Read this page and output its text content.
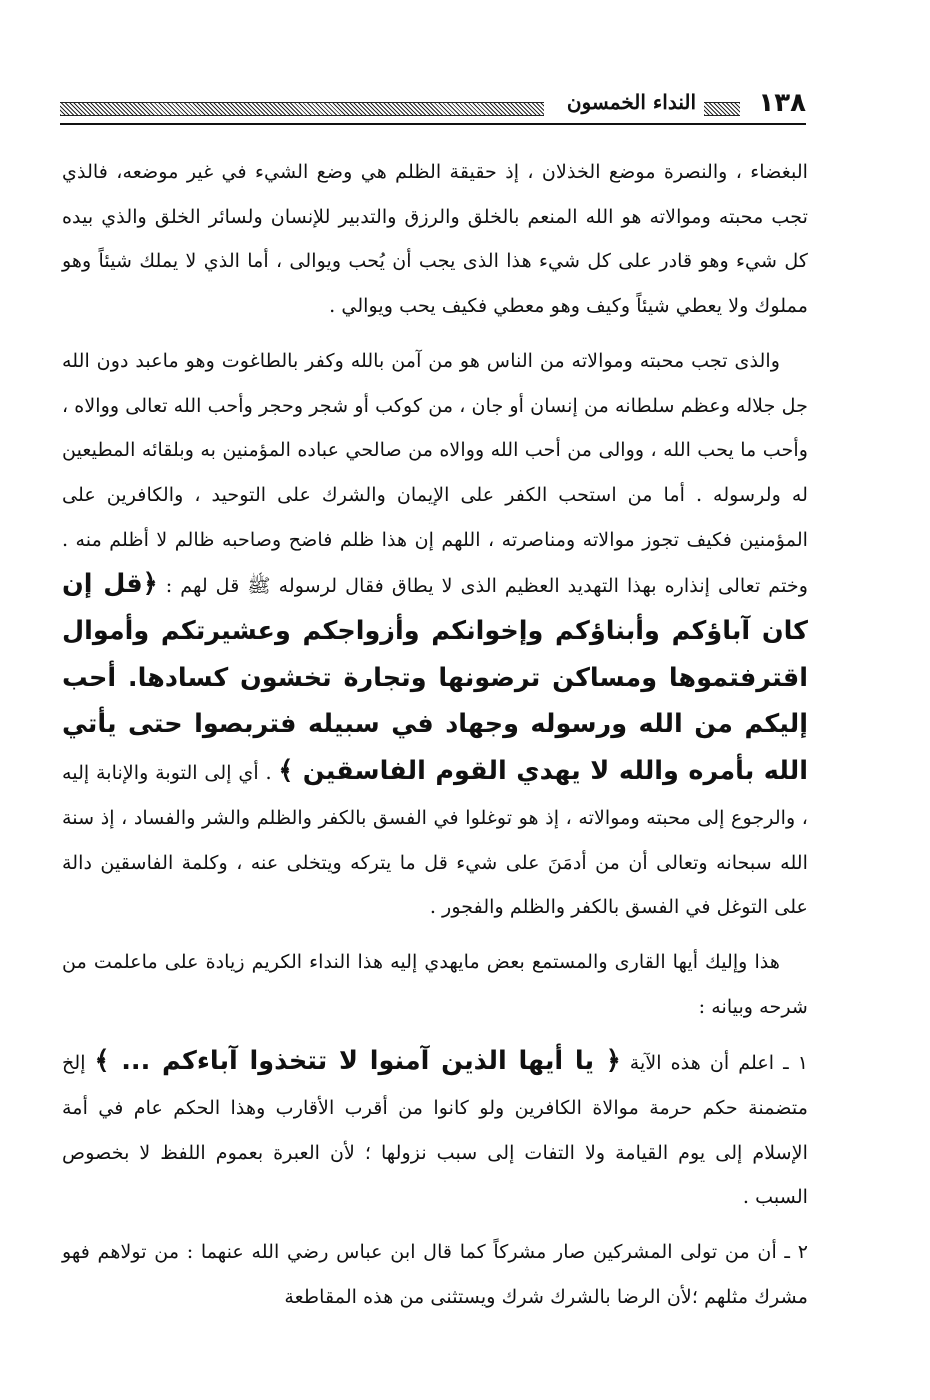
١٣٨
النداء الخمسون

البغضاء ، والنصرة موضع الخذلان ، إذ حقيقة الظلم هي وضع الشيء في غير موضعه، فالذي تجب محبته وموالاته هو الله المنعم بالخلق والرزق والتدبير للإنسان ولسائر الخلق والذي بيده كل شيء وهو قادر على كل شيء هذا الذى يجب أن يُحب ويوالى ، أما الذي لا يملك شيئاً وهو مملوك ولا يعطي شيئاً وكيف وهو معطي فكيف يحب ويوالي .

والذى تجب محبته وموالاته من الناس هو من آمن بالله وكفر بالطاغوت وهو ماعبد دون الله جل جلاله وعظم سلطانه من إنسان أو جان ، من كوكب أو شجر وحجر وأحب الله تعالى ووالاه ، وأحب ما يحب الله ، ووالى من أحب الله ووالاه من صالحي عباده المؤمنين به وبلقائه المطيعين له ولرسوله . أما من استحب الكفر على الإيمان والشرك على التوحيد ، والكافرين على المؤمنين فكيف تجوز موالاته ومناصرته ، اللهم إن هذا ظلم فاضح وصاحبه ظالم لا أظلم منه . وختم تعالى إنذاره بهذا التهديد العظيم الذى لا يطاق فقال لرسوله ﷺ قل لهم : ﴿قل إن كان آباؤكم وأبناؤكم وإخوانكم وأزواجكم وعشيرتكم وأموال اقترفتموها ومساكن ترضونها وتجارة تخشون كسادها. أحب إليكم من الله ورسوله وجهاد في سبيله فتربصوا حتى يأتي الله بأمره والله لا يهدي القوم الفاسقين ﴾ . أي إلى التوبة والإنابة إليه ، والرجوع إلى محبته وموالاته ، إذ هو توغلوا في الفسق بالكفر والظلم والشر والفساد ، إذ سنة الله سبحانه وتعالى أن من أدمَنَ على شيء قل ما يتركه ويتخلى عنه ، وكلمة الفاسقين دالة على التوغل في الفسق بالكفر والظلم والفجور .

هذا وإليك أيها القارى والمستمع بعض مايهدي إليه هذا النداء الكريم زيادة على ماعلمت من شرحه وبيانه :

١ ـ اعلم أن هذه الآية ﴿ يا أيها الذين آمنوا لا تتخذوا آباءكم ... ﴾ إلخ متضمنة حكم حرمة موالاة الكافرين ولو كانوا من أقرب الأقارب وهذا الحكم عام في أمة الإسلام إلى يوم القيامة ولا التفات إلى سبب نزولها ؛ لأن العبرة بعموم اللفظ لا بخصوص السبب .

٢ ـ أن من تولى المشركين صار مشركاً كما قال ابن عباس رضي الله عنهما : من تولاهم فهو مشرك مثلهم ؛لأن الرضا بالشرك شرك ويستثنى من هذه المقاطعة
